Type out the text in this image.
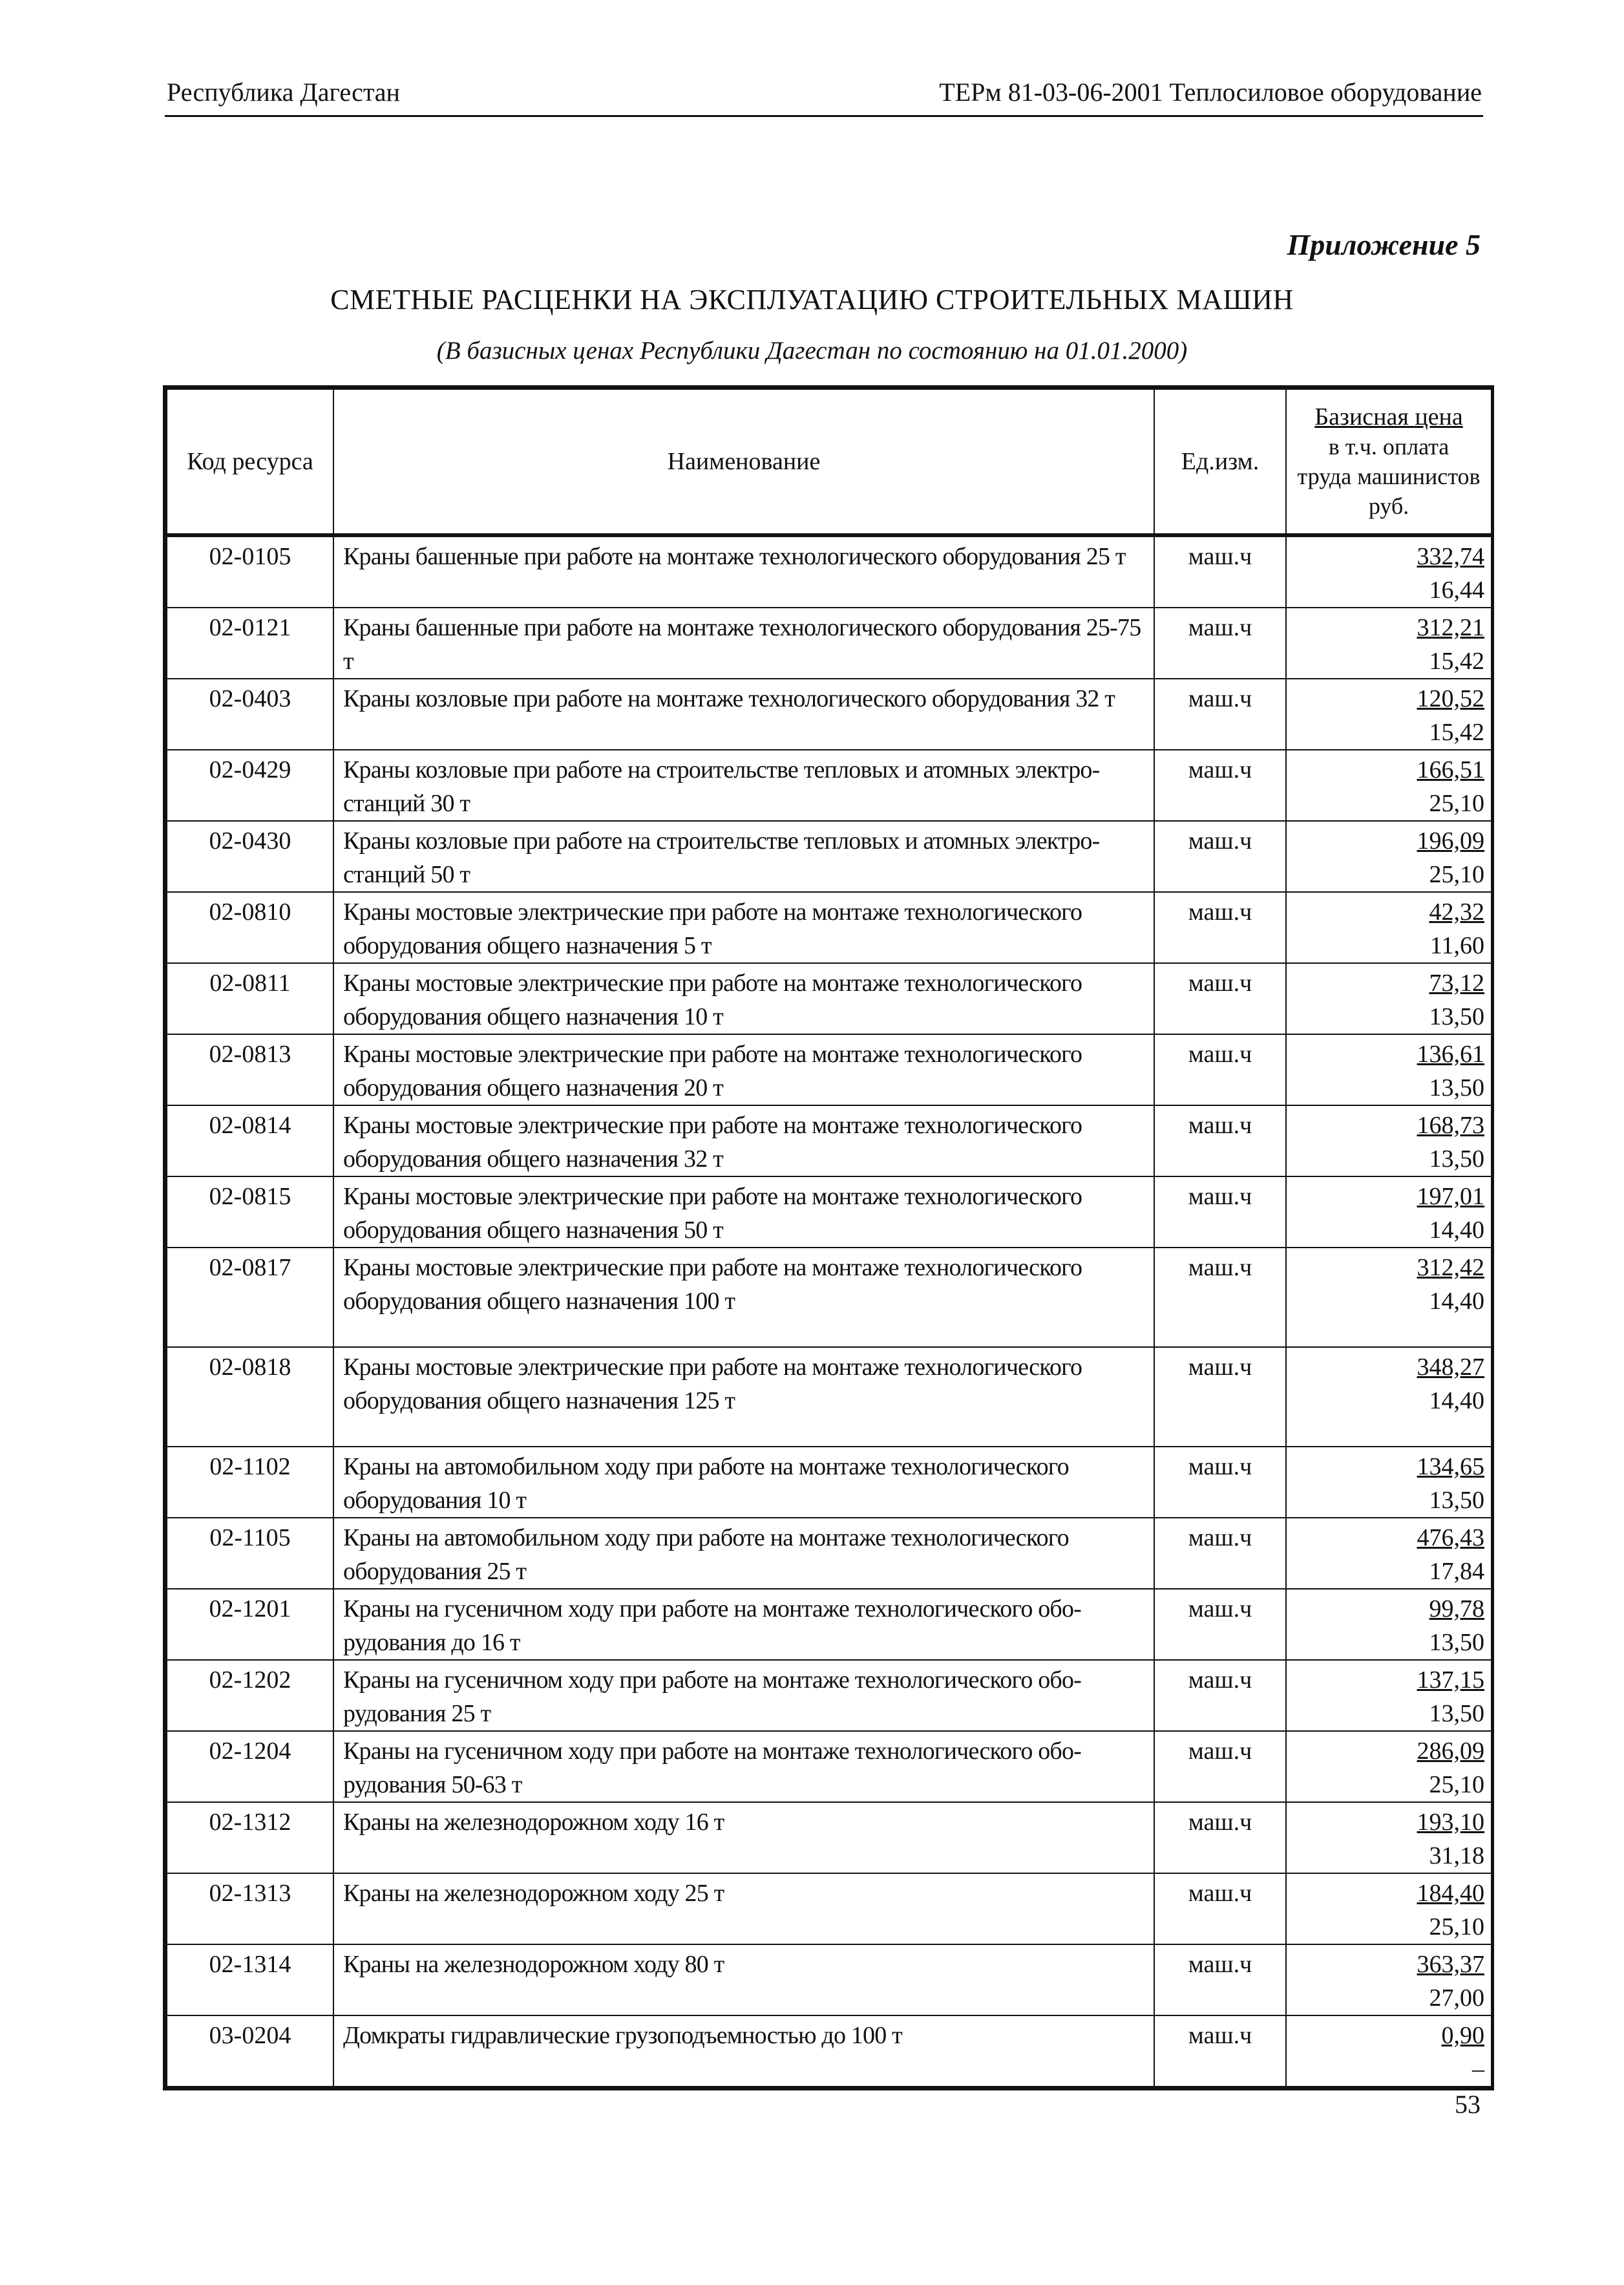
Республика Дагестан	ТЕРм 81-03-06-2001 Теплосиловое оборудование
Приложение 5
СМЕТНЫЕ РАСЦЕНКИ НА ЭКСПЛУАТАЦИЮ СТРОИТЕЛЬНЫХ МАШИН
(В базисных ценах Республики Дагестан по состоянию на 01.01.2000)
Код ресурса	Наименование	Ед.изм.	Базисная цена
в т.ч. оплата
труда машинистов
руб.

02-0105	Краны башенные при работе на монтаже технологического оборудования 25 т	маш.ч	332,74
16,44

02-0121	Краны башенные при работе на монтаже технологического оборудования 25-75 т	маш.ч	312,21
15,42

02-0403	Краны козловые при работе на монтаже технологического оборудования 32 т	маш.ч	120,52
15,42

02-0429	Краны козловые при работе на строительстве тепловых и атомных электро-станций 30 т	маш.ч	166,51
25,10

02-0430	Краны козловые при работе на строительстве тепловых и атомных электро-станций 50 т	маш.ч	196,09
25,10

02-0810	Краны мостовые электрические при работе на монтаже технологического оборудования общего назначения 5 т	маш.ч	42,32
11,60

02-0811	Краны мостовые электрические при работе на монтаже технологического оборудования общего назначения 10 т	маш.ч	73,12
13,50

02-0813	Краны мостовые электрические при работе на монтаже технологического оборудования общего назначения 20 т	маш.ч	136,61
13,50

02-0814	Краны мостовые электрические при работе на монтаже технологического оборудования общего назначения 32 т	маш.ч	168,73
13,50

02-0815	Краны мостовые электрические при работе на монтаже технологического оборудования общего назначения 50 т	маш.ч	197,01
14,40

02-0817	Краны мостовые электрические при работе на монтаже технологического оборудования общего назначения 100 т	маш.ч	312,42
14,40

02-0818	Краны мостовые электрические при работе на монтаже технологического оборудования общего назначения 125 т	маш.ч	348,27
14,40

02-1102	Краны на автомобильном ходу при работе на монтаже технологического оборудования 10 т	маш.ч	134,65
13,50

02-1105	Краны на автомобильном ходу при работе на монтаже технологического оборудования 25 т	маш.ч	476,43
17,84

02-1201	Краны на гусеничном ходу при работе на монтаже технологического обо-рудования до 16 т	маш.ч	99,78
13,50

02-1202	Краны на гусеничном ходу при работе на монтаже технологического обо-рудования 25 т	маш.ч	137,15
13,50

02-1204	Краны на гусеничном ходу при работе на монтаже технологического обо-рудования 50-63 т	маш.ч	286,09
25,10

02-1312	Краны на железнодорожном ходу 16 т	маш.ч	193,10
31,18

02-1313	Краны на железнодорожном ходу 25 т	маш.ч	184,40
25,10

02-1314	Краны на железнодорожном ходу 80 т	маш.ч	363,37
27,00

03-0204	Домкраты гидравлические грузоподъемностью до 100 т	маш.ч	0,90
–
53
